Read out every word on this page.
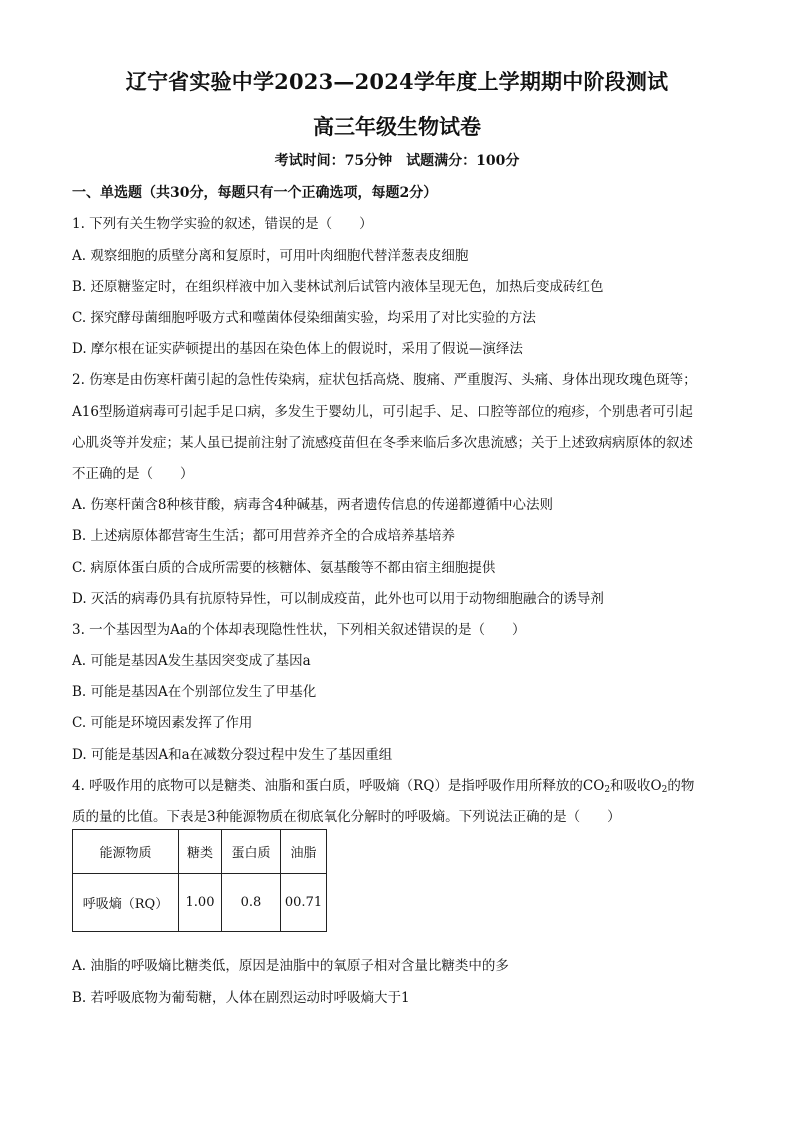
辽宁省实验中学2023—2024学年度上学期期中阶段测试
高三年级生物试卷
考试时间：75分钟　试题满分：100分
一、单选题（共30分，每题只有一个正确选项，每题2分）
1. 下列有关生物学实验的叙述，错误的是（　　）
A. 观察细胞的质壁分离和复原时，可用叶肉细胞代替洋葱表皮细胞
B. 还原糖鉴定时，在组织样液中加入斐林试剂后试管内液体呈现无色，加热后变成砖红色
C. 探究酵母菌细胞呼吸方式和噬菌体侵染细菌实验，均采用了对比实验的方法
D. 摩尔根在证实萨顿提出的基因在染色体上的假说时，采用了假说—演绎法
2. 伤寒是由伤寒杆菌引起的急性传染病，症状包括高烧、腹痛、严重腹泻、头痛、身体出现玫瑰色斑等；
A16型肠道病毒可引起手足口病，多发生于婴幼儿，可引起手、足、口腔等部位的疱疹，个别患者可引起
心肌炎等并发症；某人虽已提前注射了流感疫苗但在冬季来临后多次患流感；关于上述致病病原体的叙述
不正确的是（　　）
A. 伤寒杆菌含8种核苷酸，病毒含4种碱基，两者遗传信息的传递都遵循中心法则
B. 上述病原体都营寄生生活；都可用营养齐全的合成培养基培养
C. 病原体蛋白质的合成所需要的核糖体、氨基酸等不都由宿主细胞提供
D. 灭活的病毒仍具有抗原特异性，可以制成疫苗，此外也可以用于动物细胞融合的诱导剂
3. 一个基因型为Aa的个体却表现隐性性状，下列相关叙述错误的是（　　）
A. 可能是基因A发生基因突变成了基因a
B. 可能是基因A在个别部位发生了甲基化
C. 可能是环境因素发挥了作用
D. 可能是基因A和a在减数分裂过程中发生了基因重组
4. 呼吸作用的底物可以是糖类、油脂和蛋白质，呼吸熵（RQ）是指呼吸作用所释放的$CO_2$和吸收$O_2$的物
质的量的比值。下表是3种能源物质在彻底氧化分解时的呼吸熵。下列说法正确的是（　　）
能源物质	糖类	蛋白质	油脂
呼吸熵（RQ）	1.00	0.8	00.71
A. 油脂的呼吸熵比糖类低，原因是油脂中的氧原子相对含量比糖类中的多
B. 若呼吸底物为葡萄糖，人体在剧烈运动时呼吸熵大于1
